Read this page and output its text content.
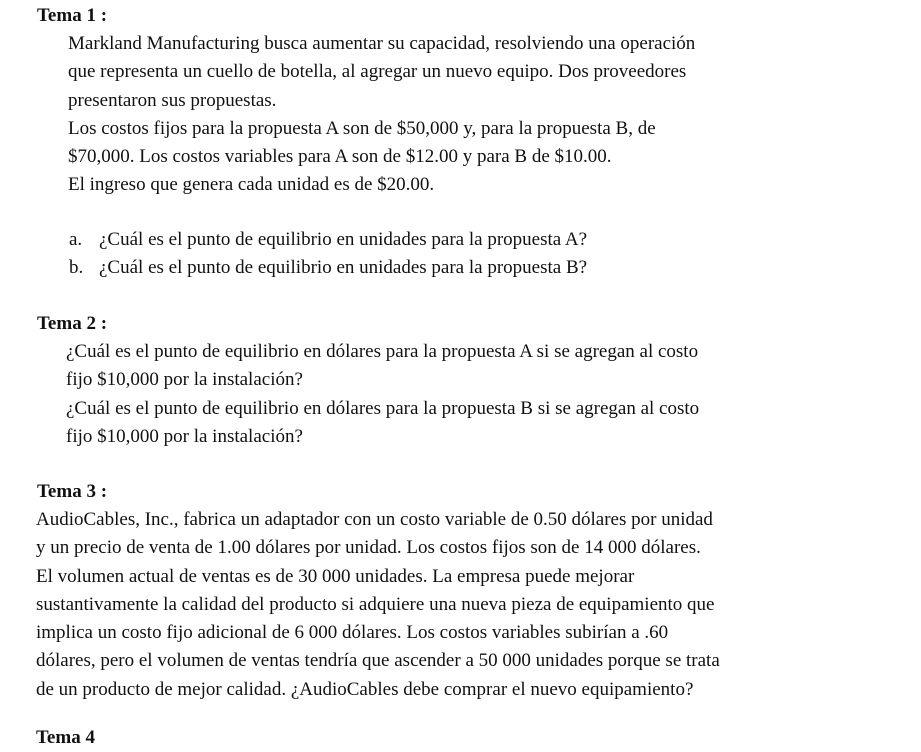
Tema 1 :

Markland Manufacturing busca aumentar su capacidad, resolviendo una operación

que representa un cuello de botella, al agregar un nuevo equipo. Dos proveedores

presentaron sus propuestas.

Los costos fijos para la propuesta A son de $50,000 y, para la propuesta B, de

$70,000. Los costos variables para A son de $12.00 y para B de $10.00.

El ingreso que genera cada unidad es de $20.00.

a. ¿Cuál es el punto de equilibrio en unidades para la propuesta A?
b. ¿Cuál es el punto de equilibrio en unidades para la propuesta B?
Tema 2 :

¿Cuál es el punto de equilibrio en dólares para la propuesta A si se agregan al costo

fijo $10,000 por la instalación?

¿Cuál es el punto de equilibrio en dólares para la propuesta B si se agregan al costo

fijo $10,000 por la instalación?

Tema 3 :

AudioCables, Inc., fabrica un adaptador con un costo variable de 0.50 dólares por unidad

y un precio de venta de 1.00 dólares por unidad. Los costos fijos son de 14 000 dólares.

El volumen actual de ventas es de 30 000 unidades. La empresa puede mejorar

sustantivamente la calidad del producto si adquiere una nueva pieza de equipamiento que

implica un costo fijo adicional de 6 000 dólares. Los costos variables subirían a .60

dólares, pero el volumen de ventas tendría que ascender a 50 000 unidades porque se trata

de un producto de mejor calidad. ¿AudioCables debe comprar el nuevo equipamiento?

Tema 4
